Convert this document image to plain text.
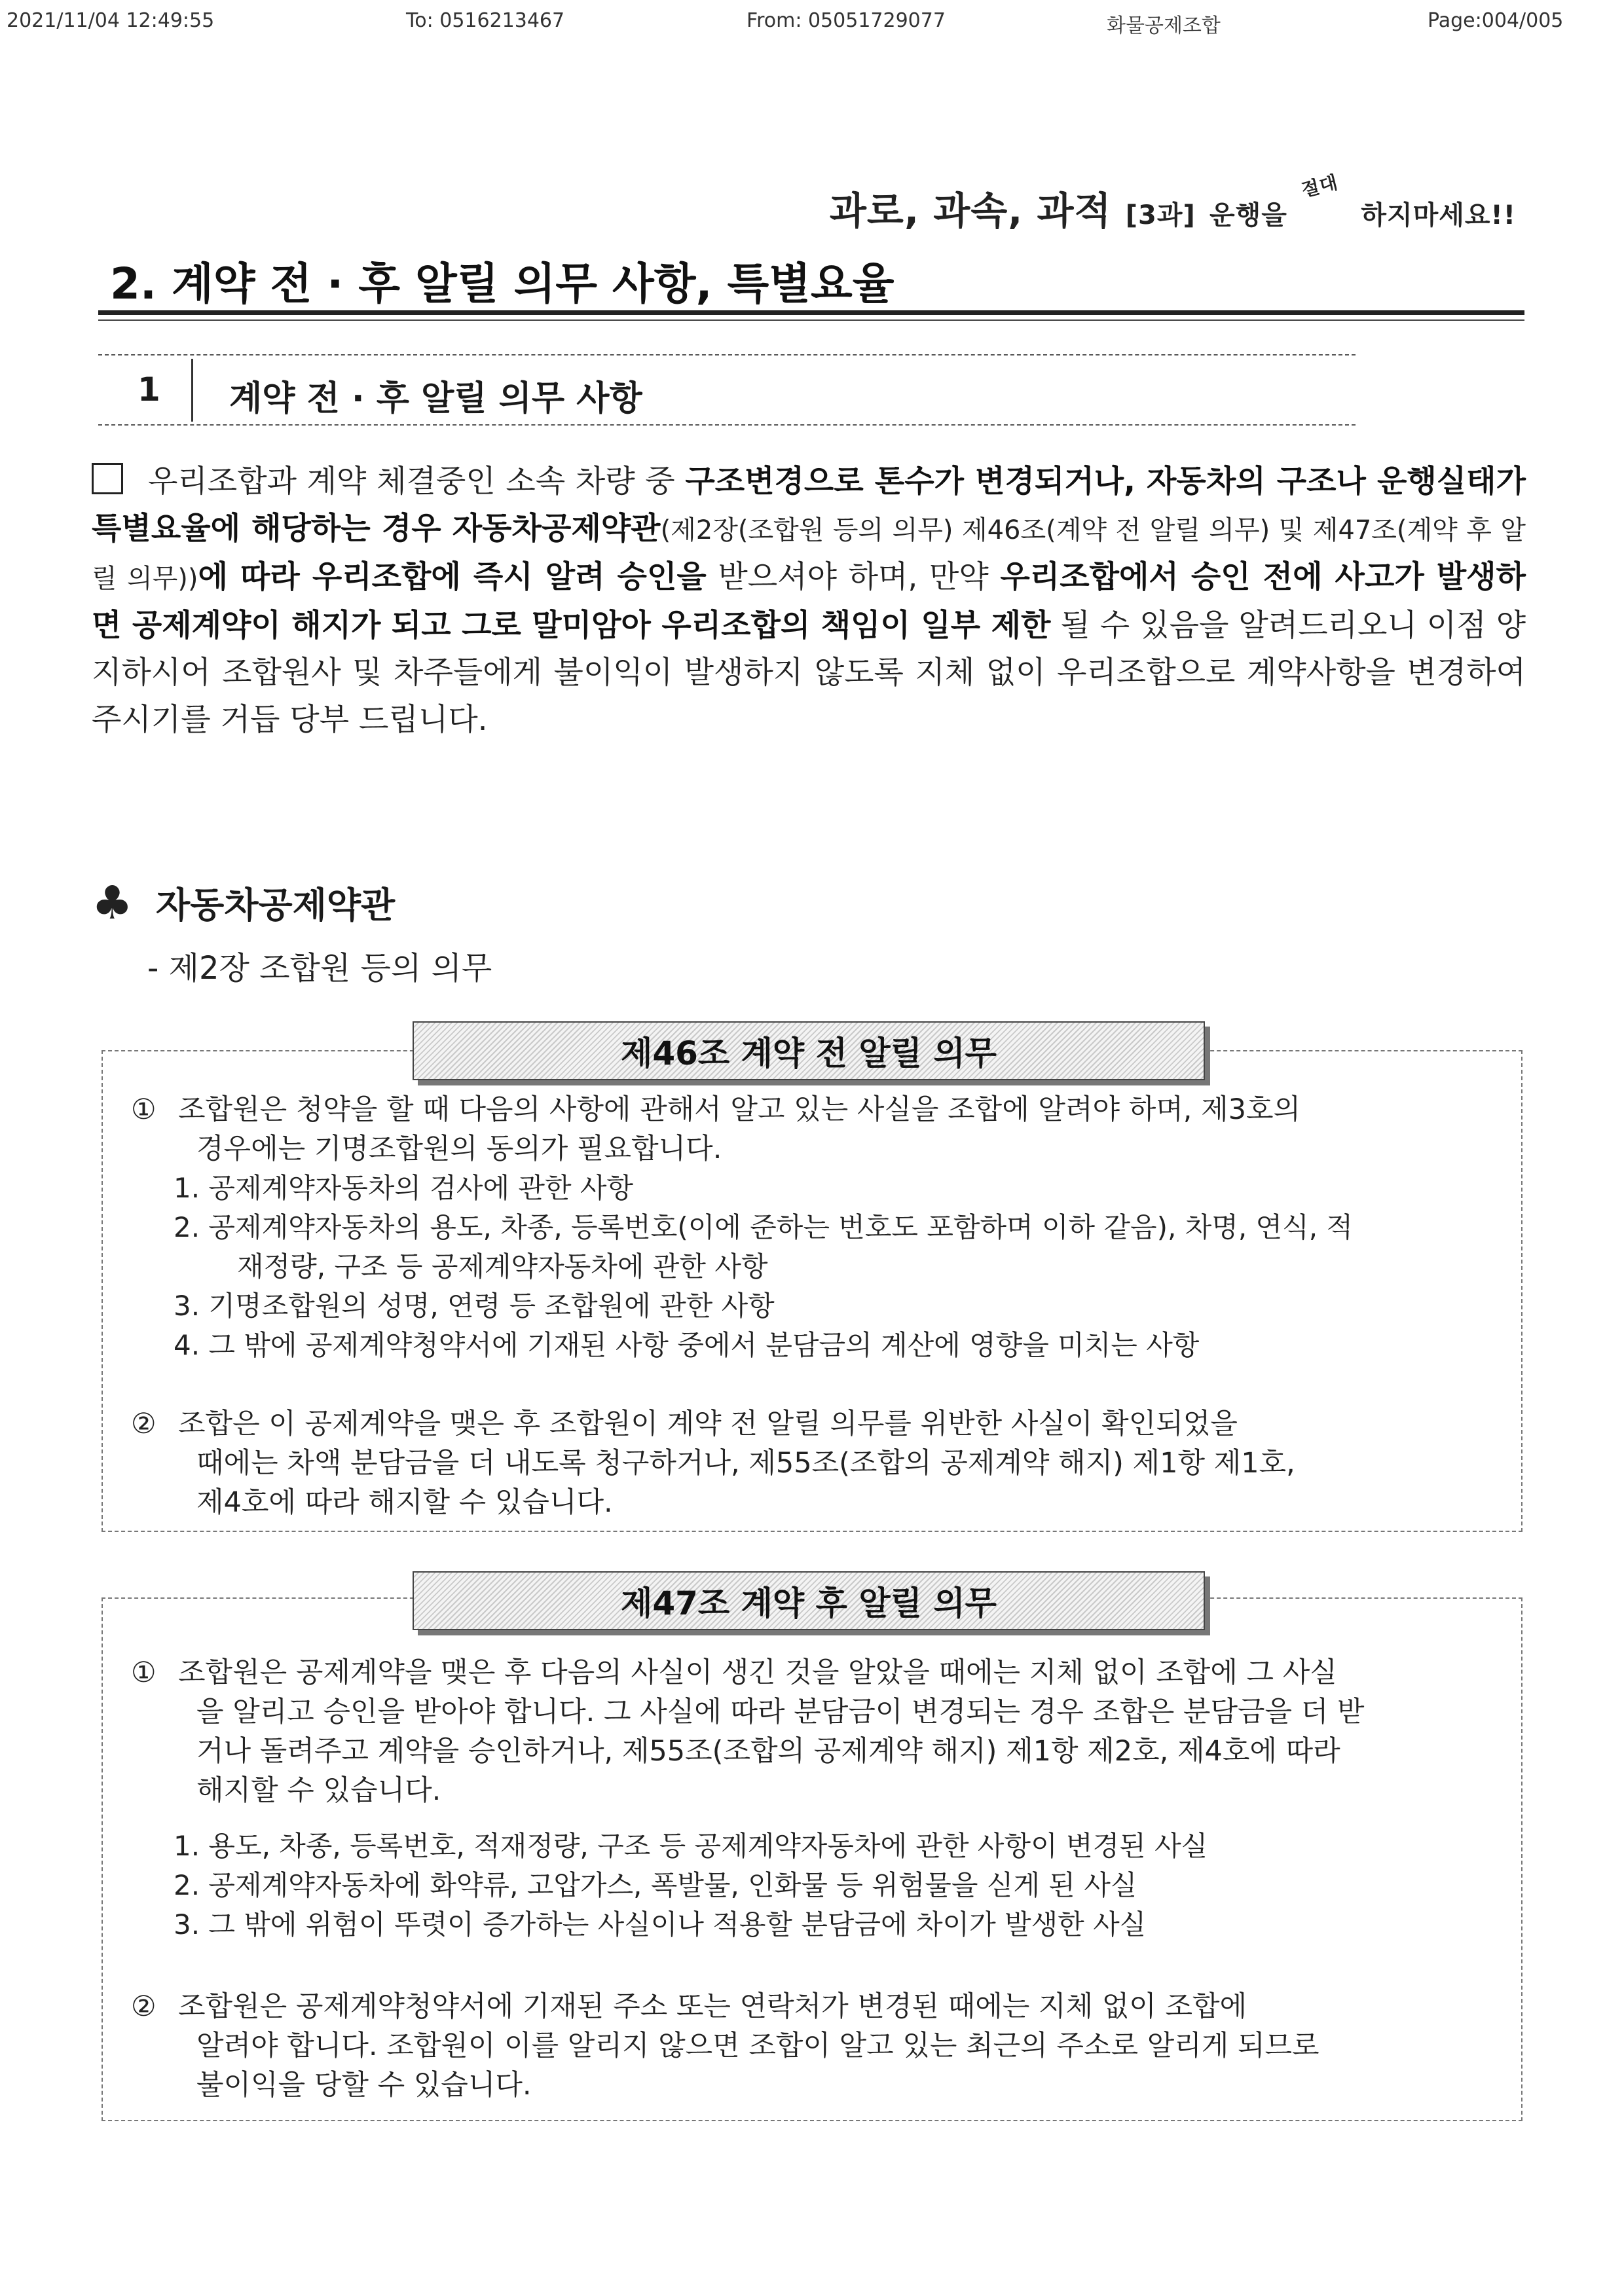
2021/11/04 12:49:55	To: 0516213467	From: 05051729077	화물공제조합	Page:004/005
과로, 과속, 과적 [3과] 운행을
절대
하지마세요!!
2. 계약 전 · 후 알릴 의무 사항, 특별요율
1 계약 전 · 후 알릴 의무 사항
우리조합과 계약 체결중인 소속 차량 중 구조변경으로 톤수가 변경되거나, 자동차의 구조나 운행실태가 특별요율에 해당하는 경우 자동차공제약관(제2장(조합원 등의 의무) 제46조(계약 전 알릴 의무) 및 제47조(계약 후 알릴 의무))에 따라 우리조합에 즉시 알려 승인을 받으셔야 하며, 만약 우리조합에서 승인 전에 사고가 발생하면 공제계약이 해지가 되고 그로 말미암아 우리조합의 책임이 일부 제한 될 수 있음을 알려드리오니 이점 양지하시어 조합원사 및 차주들에게 불이익이 발생하지 않도록 지체 없이 우리조합으로 계약사항을 변경하여 주시기를 거듭 당부 드립니다.
♣ 자동차공제약관
- 제2장 조합원 등의 의무
제46조 계약 전 알릴 의무
① 조합원은 청약을 할 때 다음의 사항에 관해서 알고 있는 사실을 조합에 알려야 하며, 제3호의
경우에는 기명조합원의 동의가 필요합니다.
1. 공제계약자동차의 검사에 관한 사항
2. 공제계약자동차의 용도, 차종, 등록번호(이에 준하는 번호도 포함하며 이하 같음), 차명, 연식, 적
재정량, 구조 등 공제계약자동차에 관한 사항
3. 기명조합원의 성명, 연령 등 조합원에 관한 사항
4. 그 밖에 공제계약청약서에 기재된 사항 중에서 분담금의 계산에 영향을 미치는 사항
② 조합은 이 공제계약을 맺은 후 조합원이 계약 전 알릴 의무를 위반한 사실이 확인되었을
때에는 차액 분담금을 더 내도록 청구하거나, 제55조(조합의 공제계약 해지) 제1항 제1호,
제4호에 따라 해지할 수 있습니다.
제47조 계약 후 알릴 의무
① 조합원은 공제계약을 맺은 후 다음의 사실이 생긴 것을 알았을 때에는 지체 없이 조합에 그 사실
을 알리고 승인을 받아야 합니다. 그 사실에 따라 분담금이 변경되는 경우 조합은 분담금을 더 받
거나 돌려주고 계약을 승인하거나, 제55조(조합의 공제계약 해지) 제1항 제2호, 제4호에 따라
해지할 수 있습니다.
1. 용도, 차종, 등록번호, 적재정량, 구조 등 공제계약자동차에 관한 사항이 변경된 사실
2. 공제계약자동차에 화약류, 고압가스, 폭발물, 인화물 등 위험물을 싣게 된 사실
3. 그 밖에 위험이 뚜렷이 증가하는 사실이나 적용할 분담금에 차이가 발생한 사실
② 조합원은 공제계약청약서에 기재된 주소 또는 연락처가 변경된 때에는 지체 없이 조합에
알려야 합니다. 조합원이 이를 알리지 않으면 조합이 알고 있는 최근의 주소로 알리게 되므로
불이익을 당할 수 있습니다.
